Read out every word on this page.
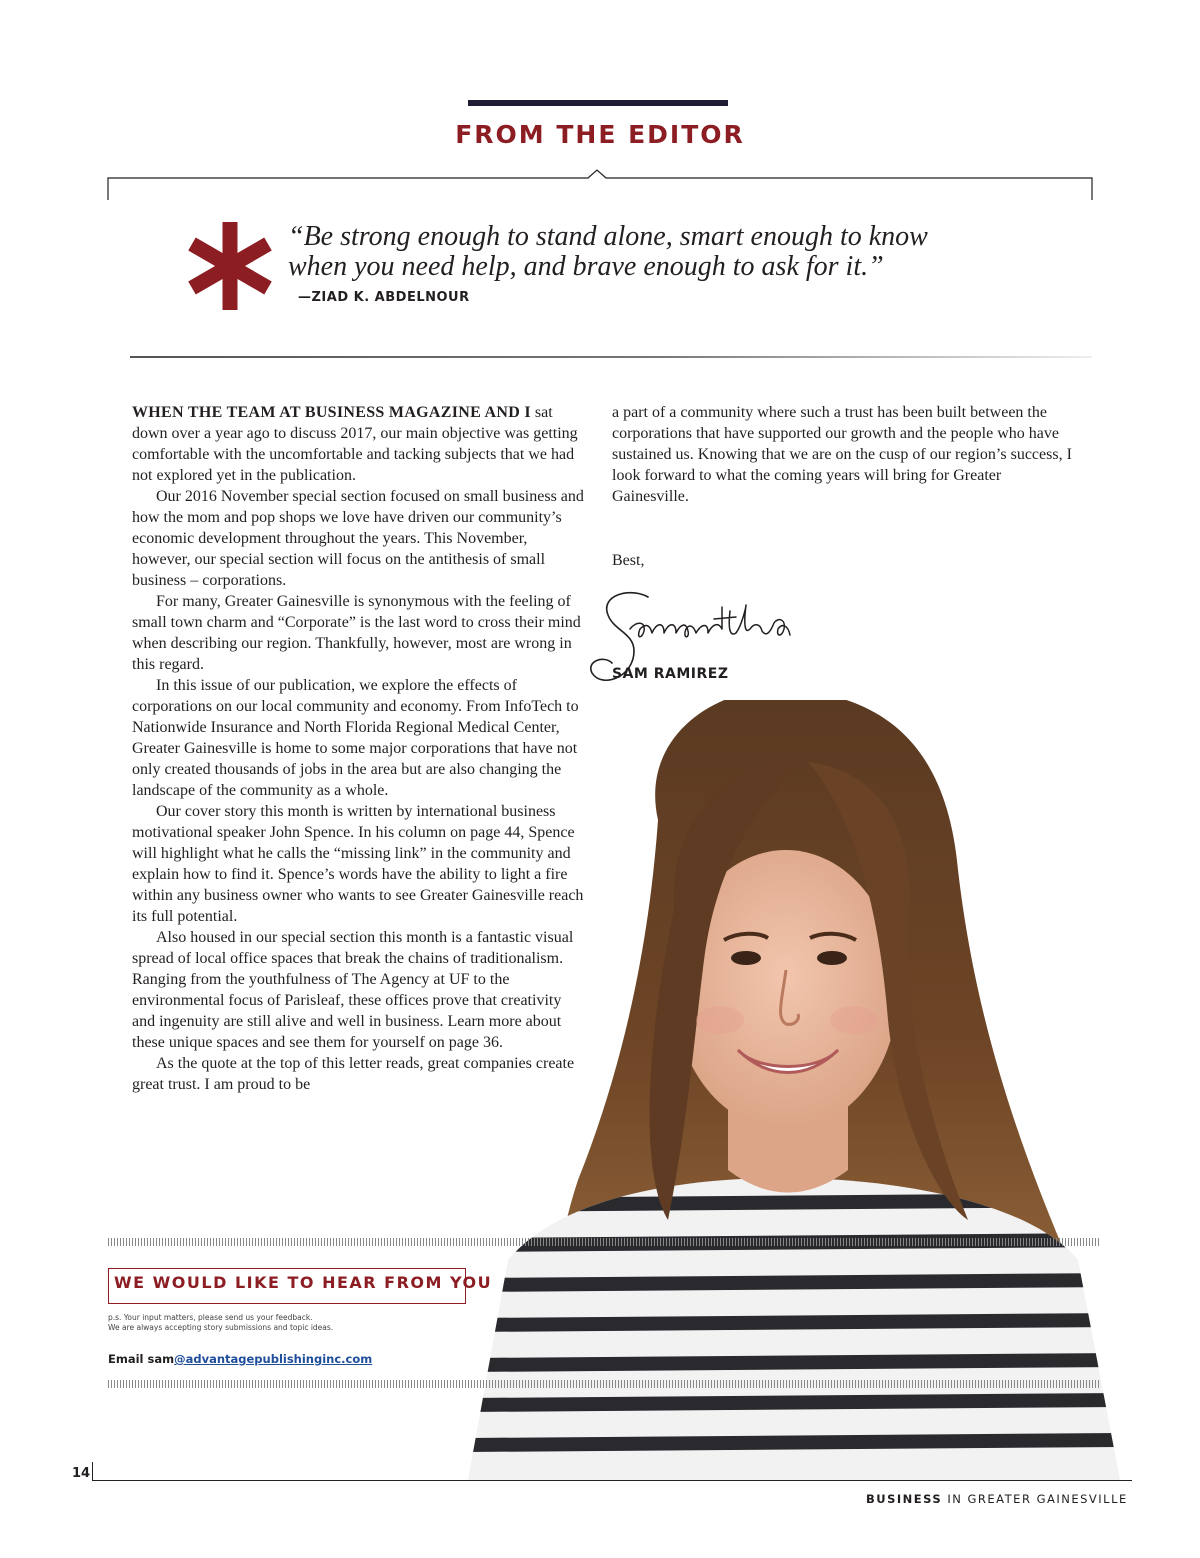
FROM THE EDITOR
“Be strong enough to stand alone, smart enough to know
when you need help, and brave enough to ask for it.”
—ZIAD K. ABDELNOUR

WHEN THE TEAM AT BUSINESS MAGAZINE AND I sat down over a year ago to discuss 2017, our main objective was getting comfortable with the uncomfortable and tacking subjects that we had not explored yet in the publication.

Our 2016 November special section focused on small business and how the mom and pop shops we love have driven our community’s economic development throughout the years. This November, however, our special section will focus on the antithesis of small business – corporations.

For many, Greater Gainesville is synonymous with the feeling of small town charm and “Corporate” is the last word to cross their mind when describing our region. Thankfully, however, most are wrong in this regard.

In this issue of our publication, we explore the effects of corporations on our local community and economy. From InfoTech to Nationwide Insurance and North Florida Regional Medical Center, Greater Gainesville is home to some major corporations that have not only created thousands of jobs in the area but are also changing the landscape of the community as a whole.

Our cover story this month is written by international business motivational speaker John Spence. In his column on page 44, Spence will highlight what he calls the “missing link” in the community and explain how to find it. Spence’s words have the ability to light a fire within any business owner who wants to see Greater Gainesville reach its full potential.

Also housed in our special section this month is a fantastic visual spread of local office spaces that break the chains of traditionalism. Ranging from the youthfulness of The Agency at UF to the environmental focus of Parisleaf, these offices prove that creativity and ingenuity are still alive and well in business. Learn more about these unique spaces and see them for yourself on page 36.

As the quote at the top of this letter reads, great companies create great trust. I am proud to be

a part of a community where such a trust has been built between the corporations that have supported our growth and the people who have sustained us. Knowing that we are on the cusp of our region’s success, I look forward to what the coming years will bring for Greater Gainesville.

Best,
SAM RAMIREZ
WE WOULD LIKE TO HEAR FROM YOU
p.s. Your input matters, please send us your feedback.
We are always accepting story submissions and topic ideas.
Email sam@advantagepublishinginc.com
14
BUSINESS IN GREATER GAINESVILLE
